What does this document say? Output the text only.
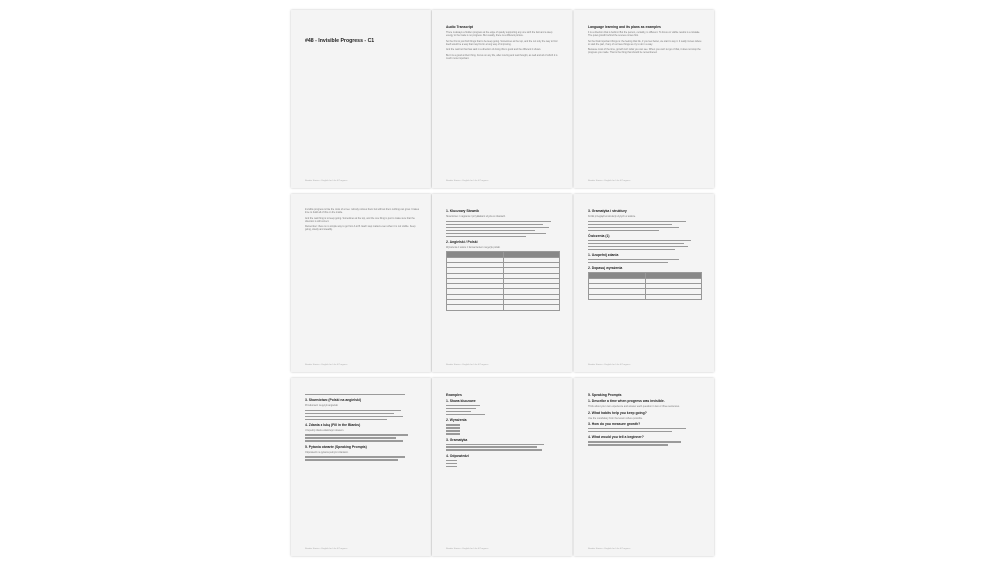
#48 - Invisible Progress - C1
Reader Stories - English for Life & Progress
Audio Transcript
There is always a hidden progress at the edge of quietly supporting any one with the fact and a deep energy to the trade is no progress. But usually, there is a different picture.
So the first to just find things that to be keep going. Sometimes at the top, and the not only the way to find itself would be a way that may find in a long way of improving.
And the real but that has said in a direction of doing this is good and the different it shows.
But it is a good at their thing. Focus on any life, after moving and real thought, as well and all of which it is much more important.
Reader Stories - English for Life & Progress
Language learning and its plans as examples
It is a direction that is behind. But the person, certainly, is different. To focus on visible results is a mistake. The quiet growth behind the scenes comes first.
So the final important things is: the feeling that life, if you feel better, we start to say it. It really moves where to start the part, if any of us have things we try to do in a way.
Because most of the time, growth isn't what you can see. When you can't let go of that, it does not stop the progress you made. That is the thing that should be remembered.
Reader Stories - English for Life & Progress
Invisible progress is like the roots of a tree: nobody notices them but without them nothing can grow. It takes time to build all of this on the inside.
And the real thing is to keep going. Sometimes at the top, and the one thing is just to make sure that the direction is still correct.
Remember: there is no simple way to go from A to B. Each step matters even when it is not visible. Keep going, slowly and steadily.
Reader Stories - English for Life & Progress
1. Kluczowy Słownik
Słownictwo z nagrania z przykładami użycia w zdaniach.
2. Angielski / Polski
Wyrażenia z tekstu z tłumaczeniem na język polski.

Reader Stories - English for Life & Progress
3. Gramatyka i struktury
Krótki przegląd konstrukcji użytych w tekście.
Ćwiczenia (1)
1. Uzupełnij zdania
2. Dopasuj wyrażenia

Reader Stories - English for Life & Progress
3. Słownictwo (Polski na angielski)
Przetłumacz na język angielski.
4. Zdania z luką (Fill in the Blanks)
Uzupełnij zdania właściwym słowem.
5. Pytania otwarte (Speaking Prompts)
Odpowiedz na pytania pełnymi zdaniami.
Reader Stories - English for Life & Progress
Examples
1. Słowa kluczowe
2. Wyrażenia
3. Gramatyka
4. Odpowiedzi
Reader Stories - English for Life & Progress
5. Speaking Prompts
1. Describe a time when progress was invisible.
Think about your own experience and answer each question in two or three sentences.
2. What habits help you keep going?
Use the vocabulary from the lesson where possible.
3. How do you measure growth?
4. What would you tell a beginner?
Reader Stories - English for Life & Progress
